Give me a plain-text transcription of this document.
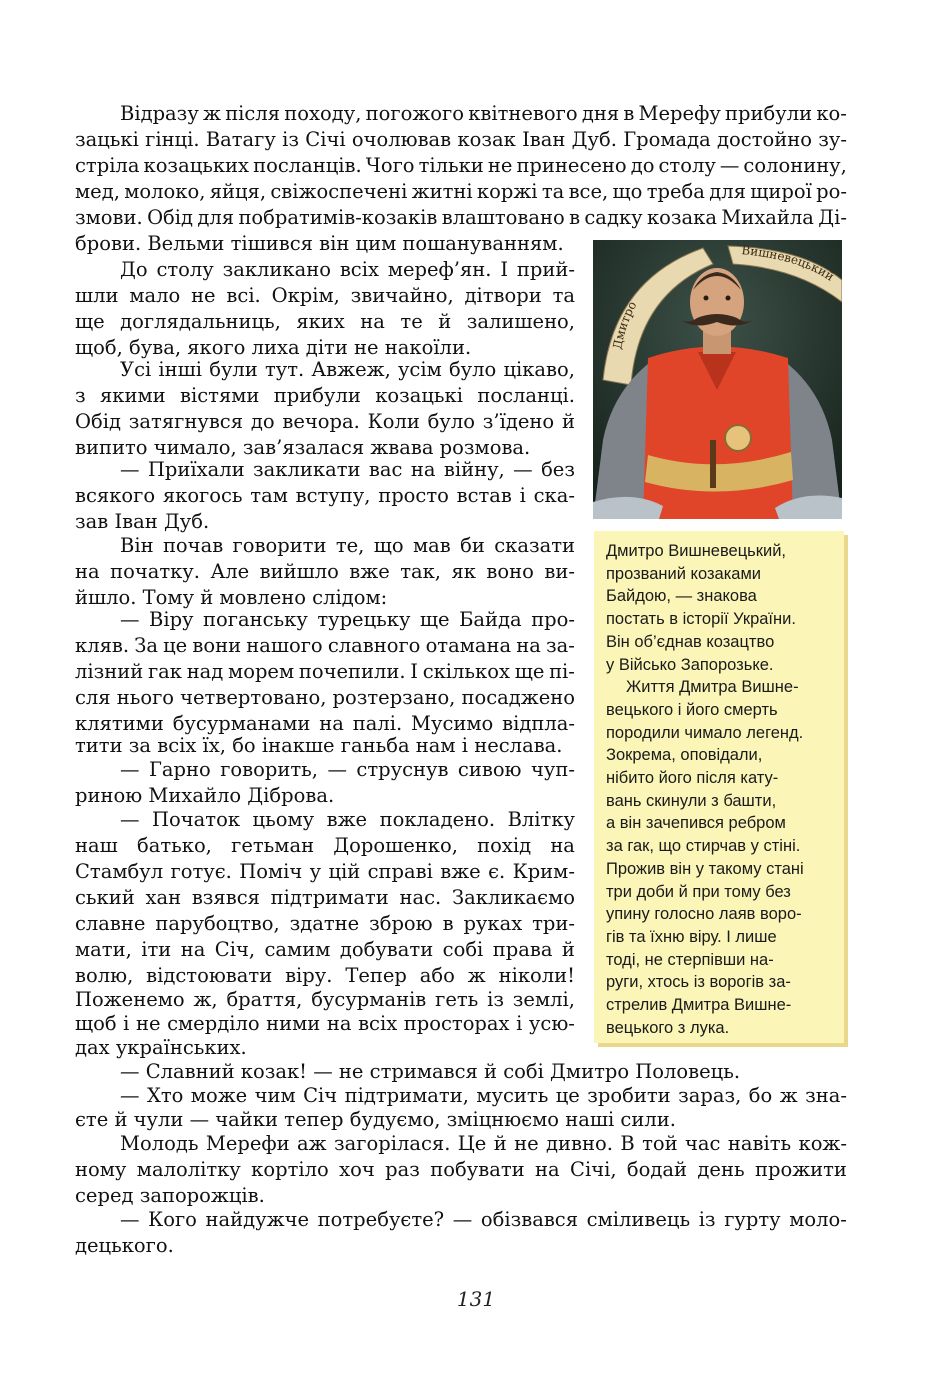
Відразу ж після походу, погожого квітневого дня в Мерефу прибули ко-
зацькі гінці. Ватагу із Січі очолював козак Іван Дуб. Громада достойно зу-
стріла козацьких посланців. Чого тільки не принесено до столу — солонину,
мед, молоко, яйця, свіжоспечені житні коржі та все, що треба для щирої ро-
змови. Обід для побратимів-козаків влаштовано в садку козака Михайла Ді-
брови. Вельми тішився він цим пошануванням.
До столу закликано всіх мереф’ян. І прий-
шли мало не всі. Окрім, звичайно, дітвори та
ще доглядальниць, яких на те й залишено,
щоб, бува, якого лиха діти не накоїли.
Усі інші були тут. Авжеж, усім було цікаво,
з якими вістями прибули козацькі посланці.
Обід затягнувся до вечора. Коли було з’їдено й
випито чимало, зав’язалася жвава розмова.
— Приїхали закликати вас на війну, — без
всякого якогось там вступу, просто встав і ска-
зав Іван Дуб.
Він почав говорити те, що мав би сказати
на початку. Але вийшло вже так, як воно ви-
йшло. Тому й мовлено слідом:
— Віру поганську турецьку ще Байда про-
кляв. За це вони нашого славного отамана на за-
лізний гак над морем почепили. І скількох ще пі-
сля нього четвертовано, розтерзано, посаджено
клятими бусурманами на палі. Мусимо відпла-
тити за всіх їх, бо інакше ганьба нам і неслава.
— Гарно говорить, — струснув сивою чуп-
риною Михайло Діброва.
— Початок цьому вже покладено. Влітку
наш батько, гетьман Дорошенко, похід на
Стамбул готує. Поміч у цій справі вже є. Крим-
ський хан взявся підтримати нас. Закликаємо
славне парубоцтво, здатне зброю в руках три-
мати, іти на Січ, самим добувати собі права й
волю, відстоювати віру. Тепер або ж ніколи!
Поженемо ж, браття, бусурманів геть із землі,
щоб і не смерділо ними на всіх просторах і усю-
дах українських.
— Славний козак! — не стримався й собі Дмитро Половець.
— Хто може чим Січ підтримати, мусить це зробити зараз, бо ж зна-
єте й чули — чайки тепер будуємо, зміцнюємо наші сили.
Молодь Мерефи аж загорілася. Це й не дивно. В той час навіть кож-
ному малолітку кортіло хоч раз побувати на Січі, бодай день прожити
серед запорожців.
— Кого найдужче потребуєте? — обізвався сміливець із гурту моло-
децького.
Дмитро
Вишневецький
Дмитро Вишневецький,
прозваний козаками
Байдою, — знакова
постать в історії України.
Він об’єднав козацтво
у Військо Запорозьке.
Життя Дмитра Вишне-
вецького і його смерть
породили чимало легенд.
Зокрема, оповідали,
нібито його після кату-
вань скинули з башти,
а він зачепився ребром
за гак, що стирчав у стіні.
Прожив він у такому стані
три доби й при тому без
упину голосно лаяв воро-
гів та їхню віру. І лише
тоді, не стерпівши на-
руги, хтось із ворогів за-
стрелив Дмитра Вишне-
вецького з лука.
131
